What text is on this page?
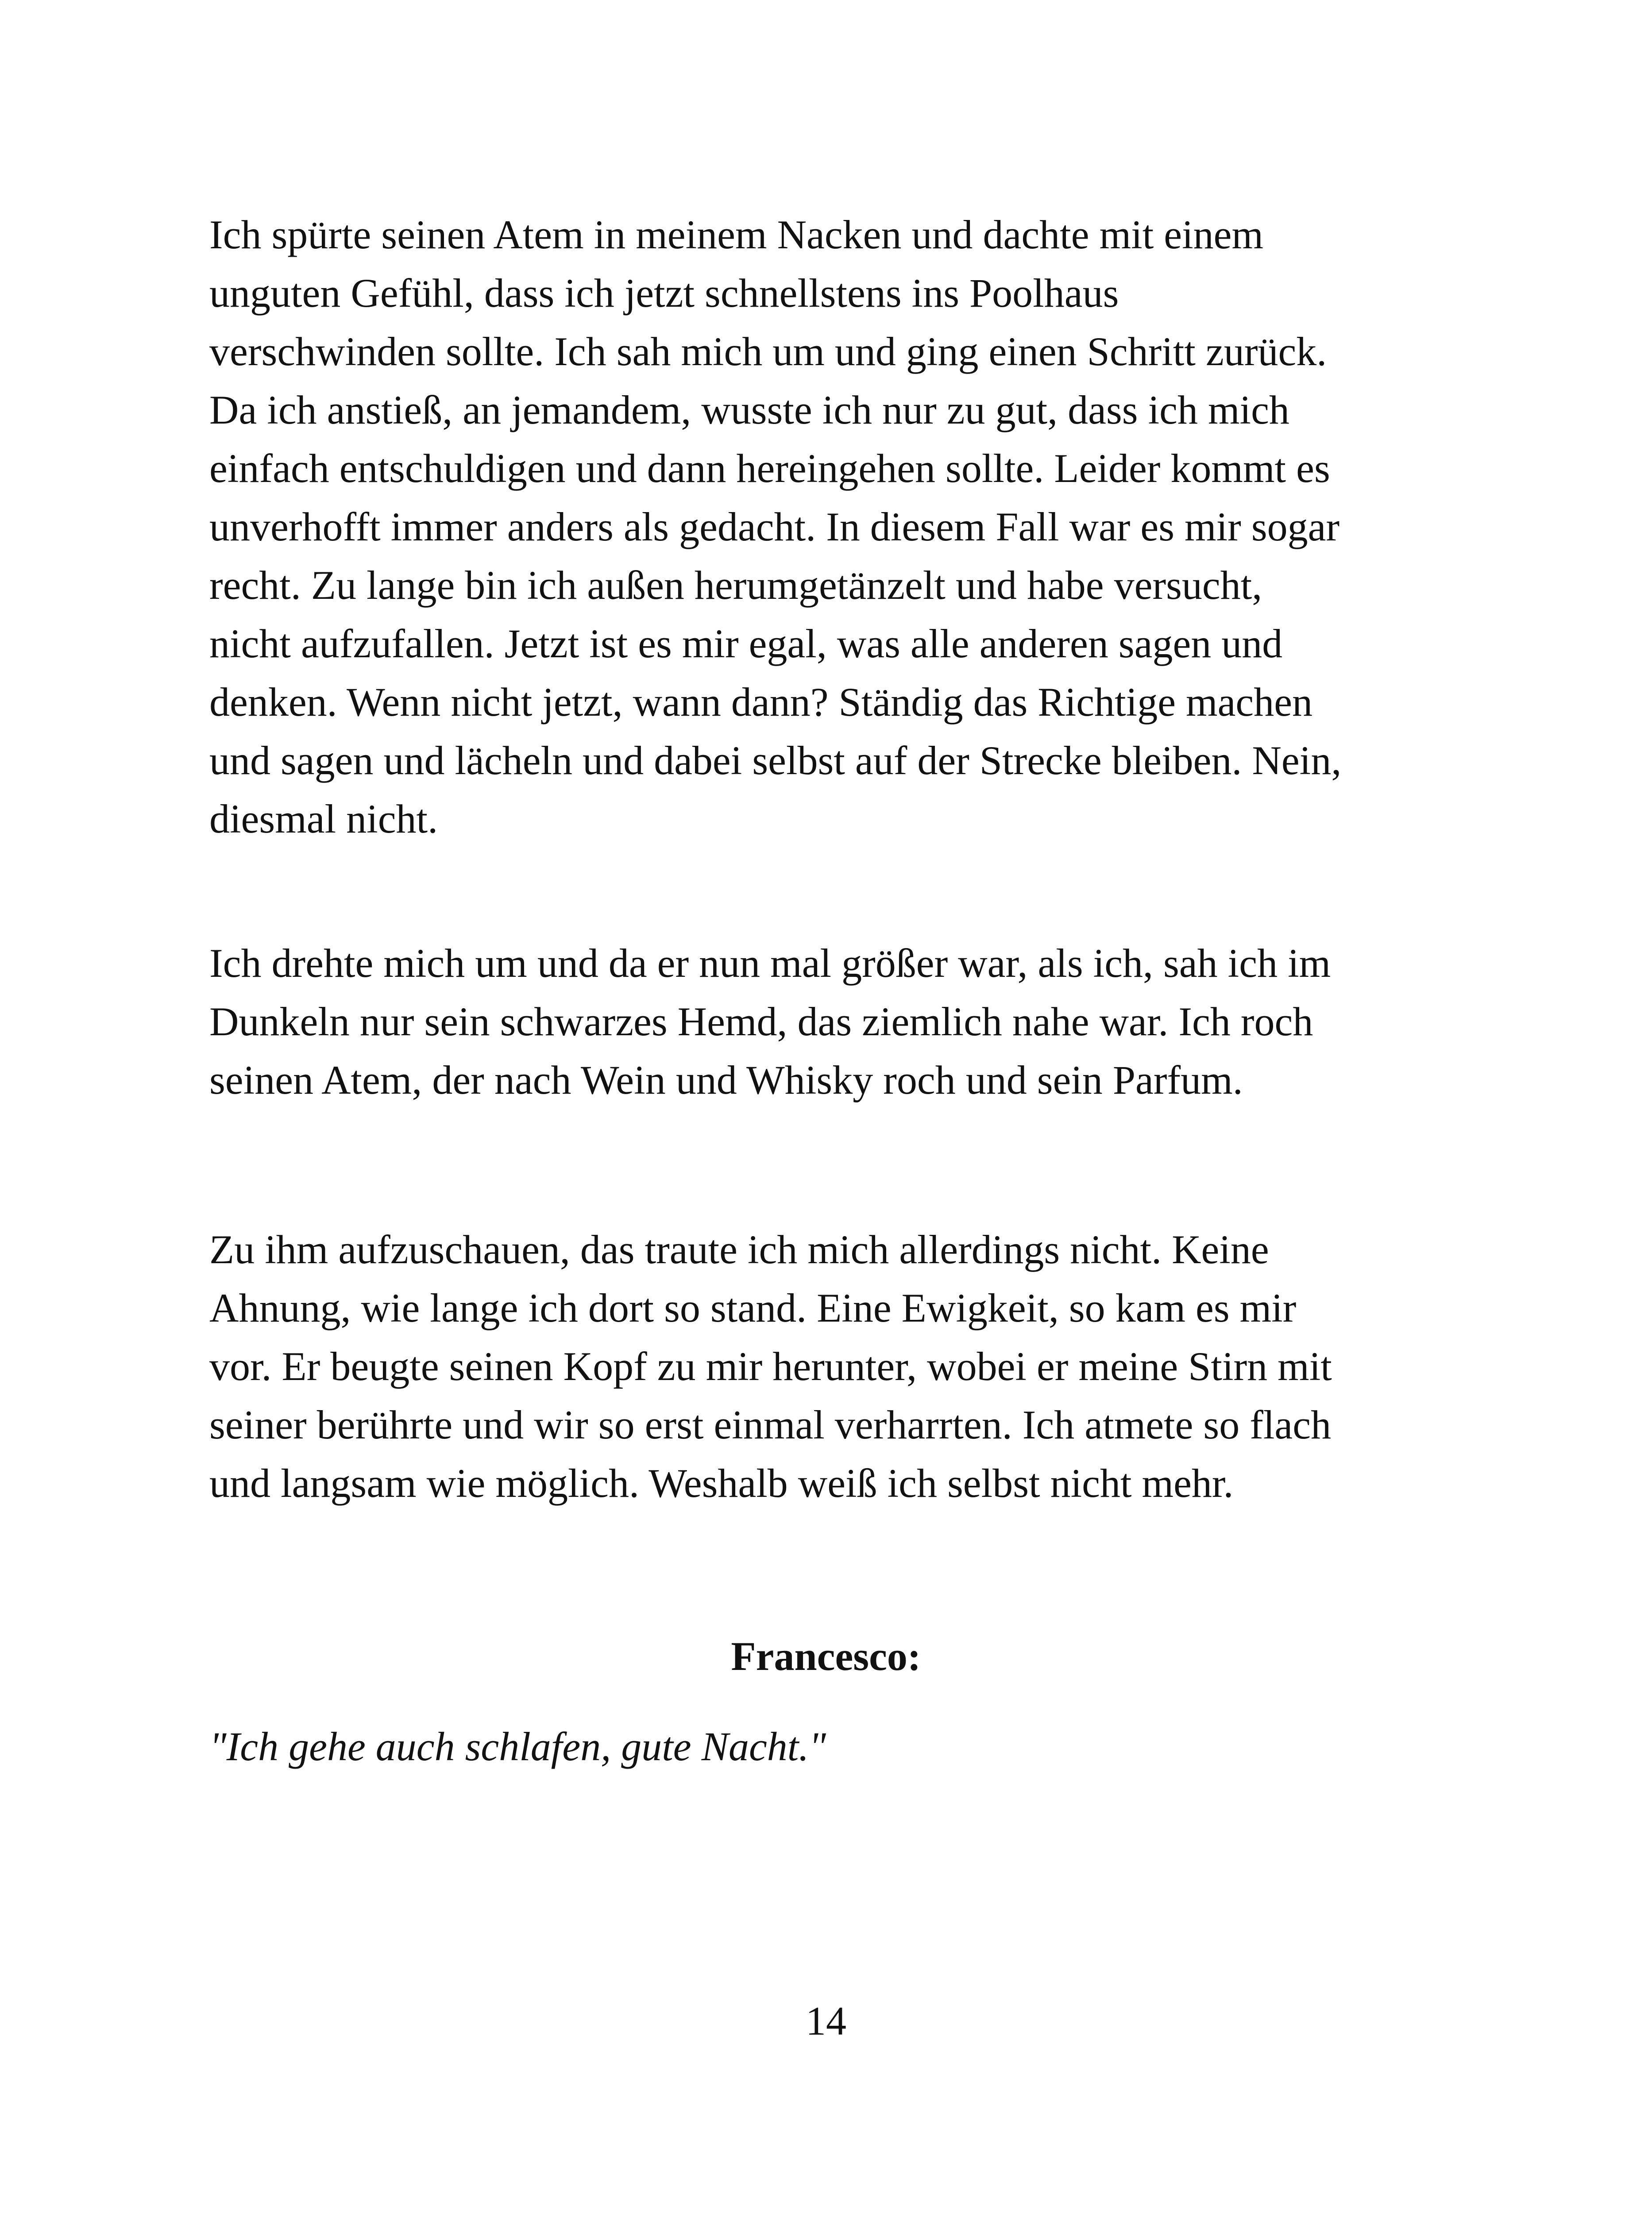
Ich spürte seinen Atem in meinem Nacken und dachte mit einem
unguten Gefühl, dass ich jetzt schnellstens ins Poolhaus
verschwinden sollte. Ich sah mich um und ging einen Schritt zurück.
Da ich anstieß, an jemandem, wusste ich nur zu gut, dass ich mich
einfach entschuldigen und dann hereingehen sollte. Leider kommt es
unverhofft immer anders als gedacht. In diesem Fall war es mir sogar
recht. Zu lange bin ich außen herumgetänzelt und habe versucht,
nicht aufzufallen. Jetzt ist es mir egal, was alle anderen sagen und
denken. Wenn nicht jetzt, wann dann? Ständig das Richtige machen
und sagen und lächeln und dabei selbst auf der Strecke bleiben. Nein,
diesmal nicht.

Ich drehte mich um und da er nun mal größer war, als ich, sah ich im
Dunkeln nur sein schwarzes Hemd, das ziemlich nahe war. Ich roch
seinen Atem, der nach Wein und Whisky roch und sein Parfum.

Zu ihm aufzuschauen, das traute ich mich allerdings nicht. Keine
Ahnung, wie lange ich dort so stand. Eine Ewigkeit, so kam es mir
vor. Er beugte seinen Kopf zu mir herunter, wobei er meine Stirn mit
seiner berührte und wir so erst einmal verharrten. Ich atmete so flach
und langsam wie möglich. Weshalb weiß ich selbst nicht mehr.

Francesco:

"Ich gehe auch schlafen, gute Nacht."

14
